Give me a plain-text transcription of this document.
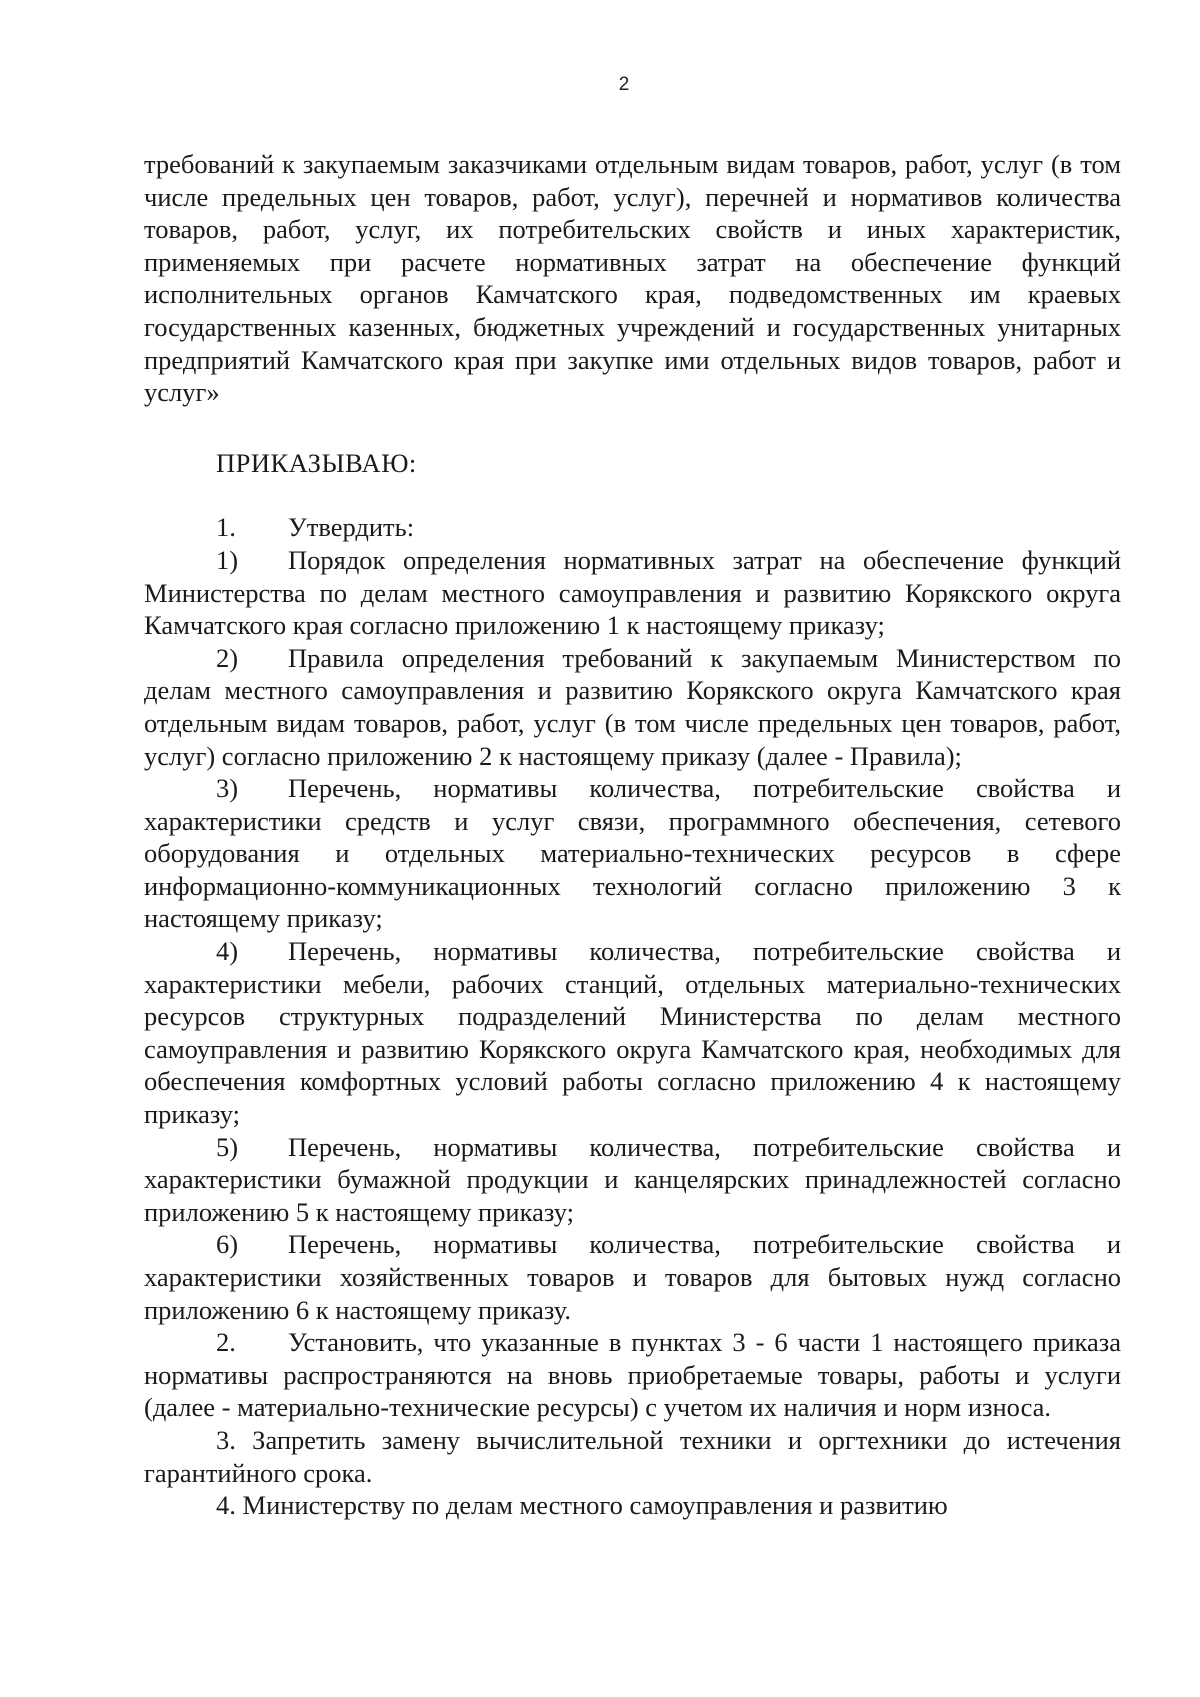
2

требований к закупаемым заказчиками отдельным видам товаров, работ, услуг (в том числе предельных цен товаров, работ, услуг), перечней и нормативов количества товаров, работ, услуг, их потребительских свойств и иных характеристик, применяемых при расчете нормативных затрат на обеспечение функций исполнительных органов Камчатского края, подведомственных им краевых государственных казенных, бюджетных учреждений и государственных унитарных предприятий Камчатского края при закупке ими отдельных видов товаров, работ и услуг»

ПРИКАЗЫВАЮ:

1. Утвердить:

1) Порядок определения нормативных затрат на обеспечение функций Министерства по делам местного самоуправления и развитию Корякского округа Камчатского края согласно приложению 1 к настоящему приказу;

2) Правила определения требований к закупаемым Министерством по делам местного самоуправления и развитию Корякского округа Камчатского края отдельным видам товаров, работ, услуг (в том числе предельных цен товаров, работ, услуг) согласно приложению 2 к настоящему приказу (далее - Правила);

3) Перечень, нормативы количества, потребительские свойства и характеристики средств и услуг связи, программного обеспечения, сетевого оборудования и отдельных материально-технических ресурсов в сфере информационно-коммуникационных технологий согласно приложению 3 к настоящему приказу;

4) Перечень, нормативы количества, потребительские свойства и характеристики мебели, рабочих станций, отдельных материально-технических ресурсов структурных подразделений Министерства по делам местного самоуправления и развитию Корякского округа Камчатского края, необходимых для обеспечения комфортных условий работы согласно приложению 4 к настоящему приказу;

5) Перечень, нормативы количества, потребительские свойства и характеристики бумажной продукции и канцелярских принадлежностей согласно приложению 5 к настоящему приказу;

6) Перечень, нормативы количества, потребительские свойства и характеристики хозяйственных товаров и товаров для бытовых нужд согласно приложению 6 к настоящему приказу.

2. Установить, что указанные в пунктах 3 - 6 части 1 настоящего приказа нормативы распространяются на вновь приобретаемые товары, работы и услуги (далее - материально-технические ресурсы) с учетом их наличия и норм износа.

3. Запретить замену вычислительной техники и оргтехники до истечения гарантийного срока.

4. Министерству по делам местного самоуправления и развитию
